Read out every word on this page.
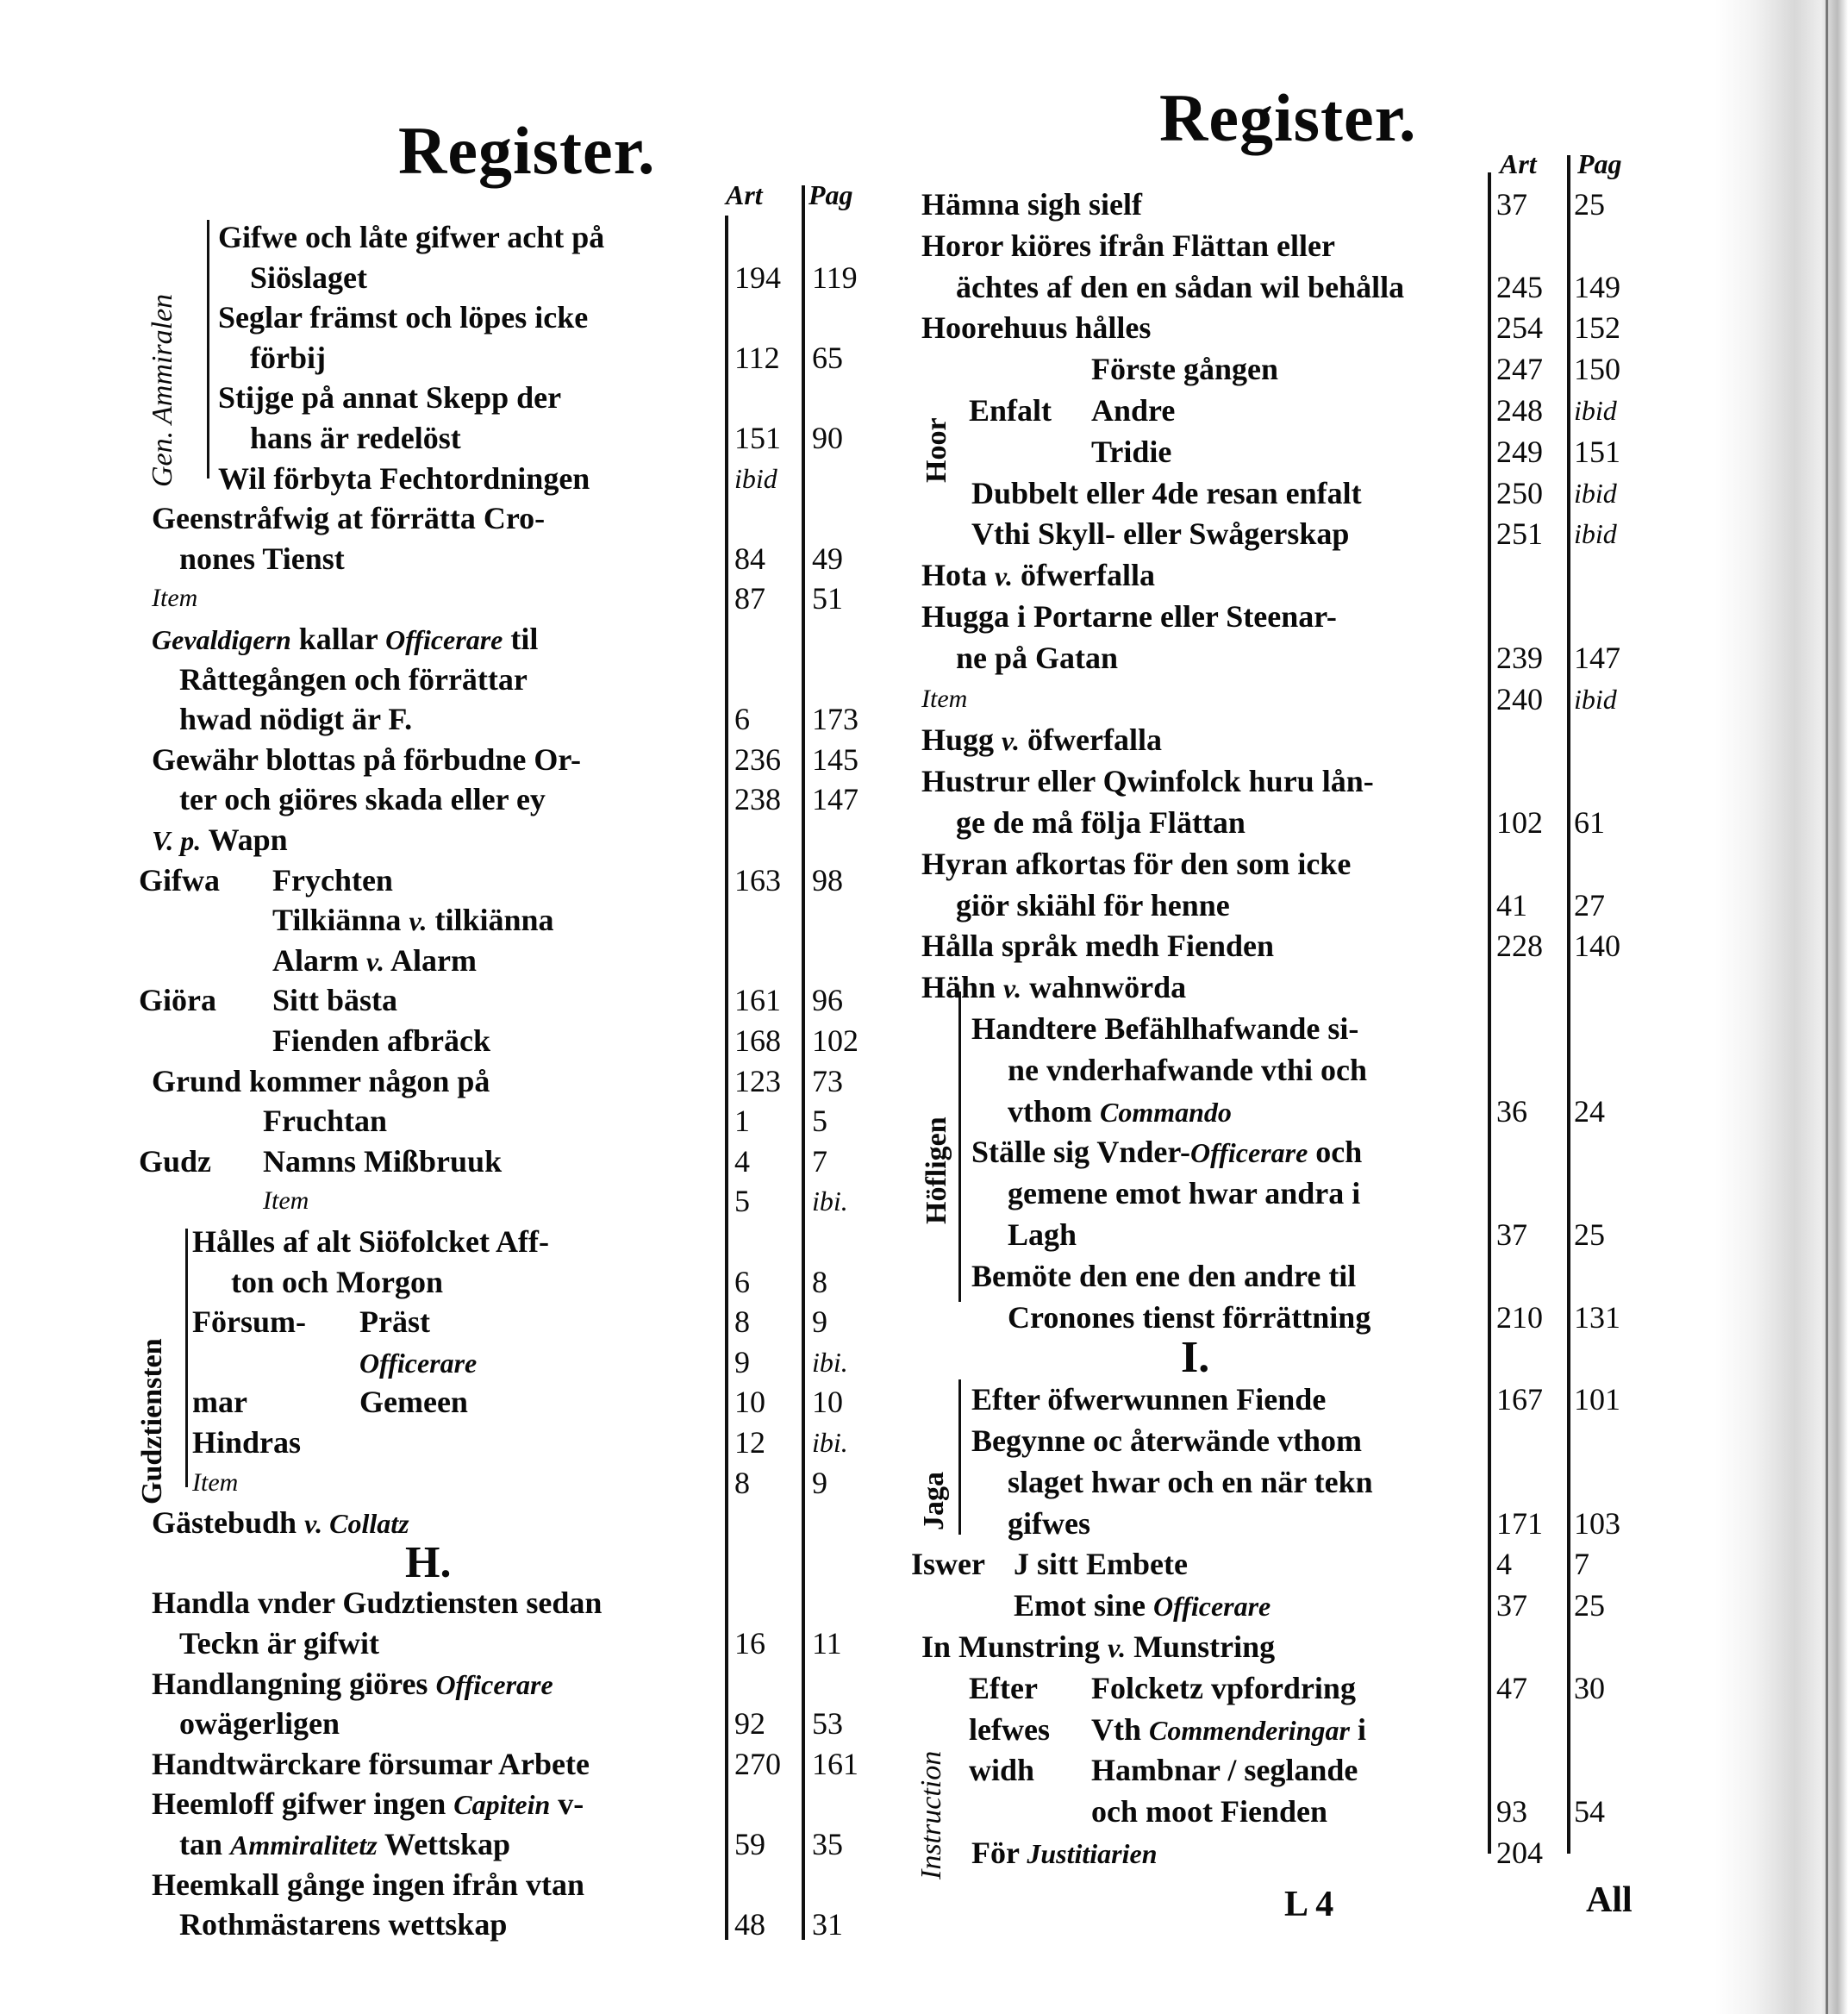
Register.	Register.
Art Pag
Art Pag
Gen. Ammiralen
Gudztiensten
Hoor
Höfligen
Jaga
Instruction
Gifwe och låte gifwer acht på
Siöslaget	194 119
Seglar främst och löpes icke
förbij	112 65
Stijge på annat Skepp der
hans är redelöst	151 90
Wil förbyta Fechtordningen	ibid
Geenstråfwig at förrätta Cro-
nones Tienst	84 49
Item	87 51
Gevaldigern kallar Officerare til
Råttegången och förrättar
hwad nödigt är F.	6 173
Gewähr blottas på förbudne Or-	236 145
ter och giöres skada eller ey	238 147
V. p. Wapn
Gifwa Frychten	163 98
Tilkiänna v. tilkiänna
Alarm v. Alarm
Giöra Sitt bästa	161 96
Fienden afbräck	168 102
Grund kommer någon på	123 73
Fruchtan	1 5
Gudz Namns Mißbruuk	4 7
Item	5 ibi.
Hålles af alt Siöfolcket Aff-
ton och Morgon	6 8
Försum- Präst	8 9
Officerare	9 ibi.
mar	Gemeen	10 10
Hindras	12 ibi.
Item	8 9
Gästebudh v. Collatz
H.
Handla vnder Gudztiensten sedan
Teckn är gifwit	16 11
Handlangning giöres Officerare
owägerligen	92 53
Handtwärckare försumar Arbete	270 161
Heemloff gifwer ingen Capitein v-
tan Ammiralitetz Wettskap	59 35
Heemkall gånge ingen ifrån vtan
Rothmästarens wettskap	48 31
Hämna sigh sielf	37 25
Horor kiöres ifrån Flättan eller
ächtes af den en sådan wil behålla	245 149
Hoorehuus hålles	254 152
Förste gången	247 150
Enfalt Andre	248 ibid
Tridie	249 151
Dubbelt eller 4de resan enfalt	250 ibid
Vthi Skyll- eller Swågerskap	251 ibid
Hota v. öfwerfalla
Hugga i Portarne eller Steenar-
ne på Gatan	239 147
Item	240 ibid
Hugg v. öfwerfalla
Hustrur eller Qwinfolck huru lån-
ge de må följa Flättan	102 61
Hyran afkortas för den som icke
giör skiähl för henne	41 27
Hålla språk medh Fienden	228 140
Hähn v. wahnwörda
Handtere Befählhafwande si-
ne vnderhafwande vthi och
vthom Commando	36 24
Ställe sig Vnder-Officerare och
gemene emot hwar andra i
Lagh	37 25
Bemöte den ene den andre til
Cronones tienst förrättning	210 131
I.
Efter öfwerwunnen Fiende	167 101
Begynne oc återwände vthom
slaget hwar och en när tekn
gifwes	171 103
Iswer J sitt Embete	4 7
Emot sine Officerare	37 25
In Munstring v. Munstring
Efter Folcketz vpfordring	47 30
lefwes Vth Commenderingar i
widh Hambnar / seglande
och moot Fienden	93 54
För Justitiarien	204
L 4	All
